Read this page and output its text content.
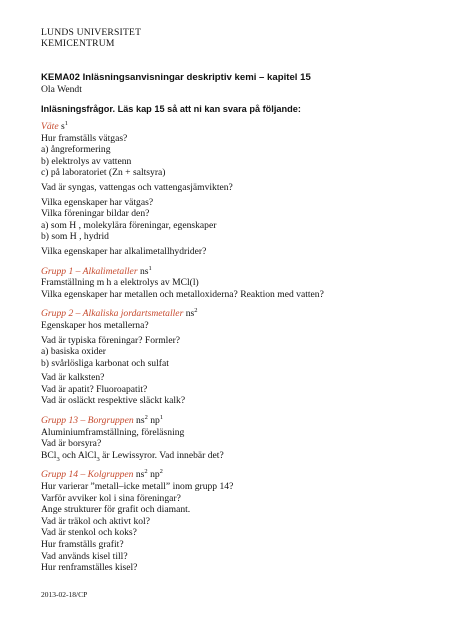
LUNDS UNIVERSITET
KEMICENTRUM
KEMA02 Inläsningsanvisningar deskriptiv kemi – kapitel 15
Ola Wendt
Inläsningsfrågor. Läs kap 15 så att ni kan svara på följande:
Väte $s^1$
Hur framställs vätgas?
a) ångreformering
b) elektrolys av vattenn
c) på laboratoriet (Zn + saltsyra)
Vad är syngas, vattengas och vattengasjämvikten?
Vilka egenskaper har vätgas?
Vilka föreningar bildar den?
a) som H , molekylära föreningar, egenskaper
b) som H , hydrid
Vilka egenskaper har alkalimetallhydrider?
Grupp 1 – Alkalimetaller $ns^1$
Framställning m h a elektrolys av MCl(l)
Vilka egenskaper har metallen och metalloxiderna? Reaktion med vatten?
Grupp 2 – Alkaliska jordartsmetaller $ns^2$
Egenskaper hos metallerna?
Vad är typiska föreningar? Formler?
a) basiska oxider
b) svårlösliga karbonat och sulfat
Vad är kalksten?
Vad är apatit? Fluoroapatit?
Vad är osläckt respektive släckt kalk?
Grupp 13 – Borgruppen $ns^2$ $np^1$
Aluminiumframställning, föreläsning
Vad är borsyra?
BCl$_3$ och AlCl$_3$ är Lewissyror. Vad innebär det?
Grupp 14 – Kolgruppen $ns^2$ $np^2$
Hur varierar ”metall–icke metall” inom grupp 14?
Varför avviker kol i sina föreningar?
Ange strukturer för grafit och diamant.
Vad är träkol och aktivt kol?
Vad är stenkol och koks?
Hur framställs grafit?
Vad används kisel till?
Hur renframställes kisel?
2013-02-18/CP
